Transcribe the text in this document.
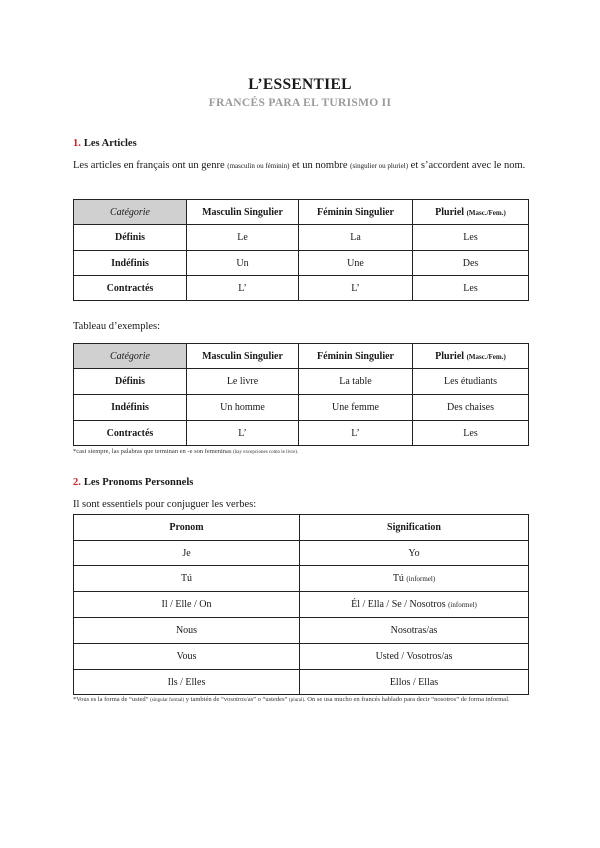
L’ESSENTIEL
FRANCÉS PARA EL TURISMO II
1. Les Articles
Les articles en français ont un genre (masculin ou féminin) et un nombre (singulier ou pluriel) et s’accordent avec le nom.
Catégorie	Masculin Singulier	Féminin Singulier	Pluriel (Masc./Fem.)
Définis	Le	La	Les
Indéfinis	Un	Une	Des
Contractés	L’	L’	Les
Tableau d’exemples:
Catégorie	Masculin Singulier	Féminin Singulier	Pluriel (Masc./Fem.)
Définis	Le livre	La table	Les étudiants
Indéfinis	Un homme	Une femme	Des chaises
Contractés	L’	L’	Les
*casi siempre, las palabras que terminan en -e son femeninas (hay excepciones como le livre).
2. Les Pronoms Personnels
Il sont essentiels pour conjuguer les verbes:
Pronom	Signification
Je	Yo
Tú	Tú (informel)
Il / Elle / On	Él / Ella / Se / Nosotros (informel)
Nous	Nosotras/as
Vous	Usted / Vosotros/as
Ils / Elles	Ellos / Ellas
*Vous es la forma de “usted” (singular formal) y también de “vosotros/as” o “ustedes” (plural). On se usa mucho en francés hablado para decir “nosotros” de forma informal.
